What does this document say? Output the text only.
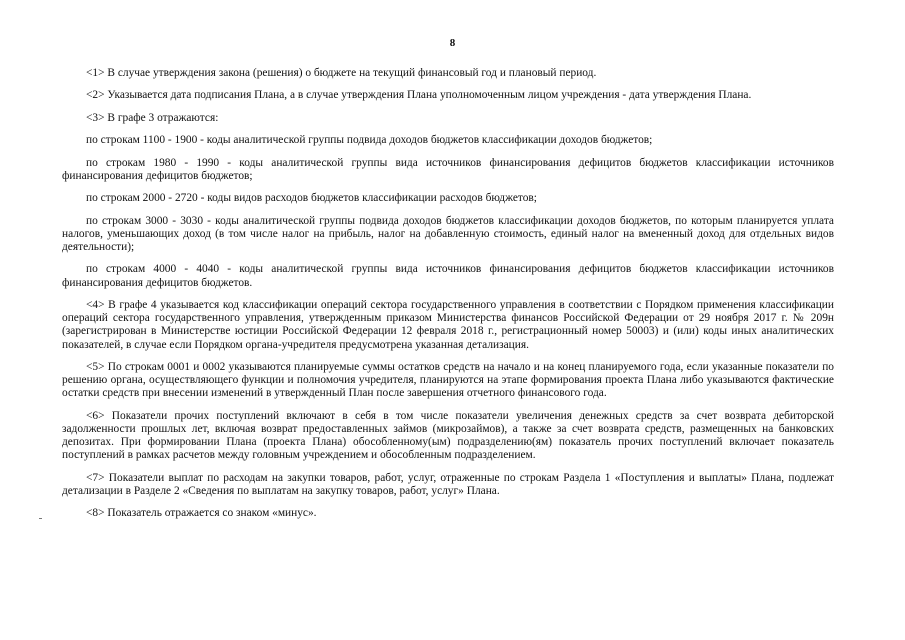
8

<1> В случае утверждения закона (решения) о бюджете на текущий финансовый год и плановый период.

<2> Указывается дата подписания Плана, а в случае утверждения Плана уполномоченным лицом учреждения - дата утверждения Плана.

<3> В графе 3 отражаются:

по строкам 1100 - 1900 - коды аналитической группы подвида доходов бюджетов классификации доходов бюджетов;

по строкам 1980 - 1990 - коды аналитической группы вида источников финансирования дефицитов бюджетов классификации источников финансирования дефицитов бюджетов;

по строкам 2000 - 2720 - коды видов расходов бюджетов классификации расходов бюджетов;

по строкам 3000 - 3030 - коды аналитической группы подвида доходов бюджетов классификации доходов бюджетов, по которым планируется уплата налогов, уменьшающих доход (в том числе налог на прибыль, налог на добавленную стоимость, единый налог на вмененный доход для отдельных видов деятельности);

по строкам 4000 - 4040 - коды аналитической группы вида источников финансирования дефицитов бюджетов классификации источников финансирования дефицитов бюджетов.

<4> В графе 4 указывается код классификации операций сектора государственного управления в соответствии с Порядком применения классификации операций сектора государственного управления, утвержденным приказом Министерства финансов Российской Федерации от 29 ноября 2017 г. № 209н (зарегистрирован в Министерстве юстиции Российской Федерации 12 февраля 2018 г., регистрационный номер 50003) и (или) коды иных аналитических показателей, в случае если Порядком органа-учредителя предусмотрена указанная детализация.

<5> По строкам 0001 и 0002 указываются планируемые суммы остатков средств на начало и на конец планируемого года, если указанные показатели по решению органа, осуществляющего функции и полномочия учредителя, планируются на этапе формирования проекта Плана либо указываются фактические остатки средств при внесении изменений в утвержденный План после завершения отчетного финансового года.

<6> Показатели прочих поступлений включают в себя в том числе показатели увеличения денежных средств за счет возврата дебиторской задолженности прошлых лет, включая возврат предоставленных займов (микрозаймов), а также за счет возврата средств, размещенных на банковских депозитах. При формировании Плана (проекта Плана) обособленному(ым) подразделению(ям) показатель прочих поступлений включает показатель поступлений в рамках расчетов между головным учреждением и обособленным подразделением.

<7> Показатели выплат по расходам на закупки товаров, работ, услуг, отраженные по строкам Раздела 1 «Поступления и выплаты» Плана, подлежат детализации в Разделе 2 «Сведения по выплатам на закупку товаров, работ, услуг» Плана.

<8> Показатель отражается со знаком «минус».
